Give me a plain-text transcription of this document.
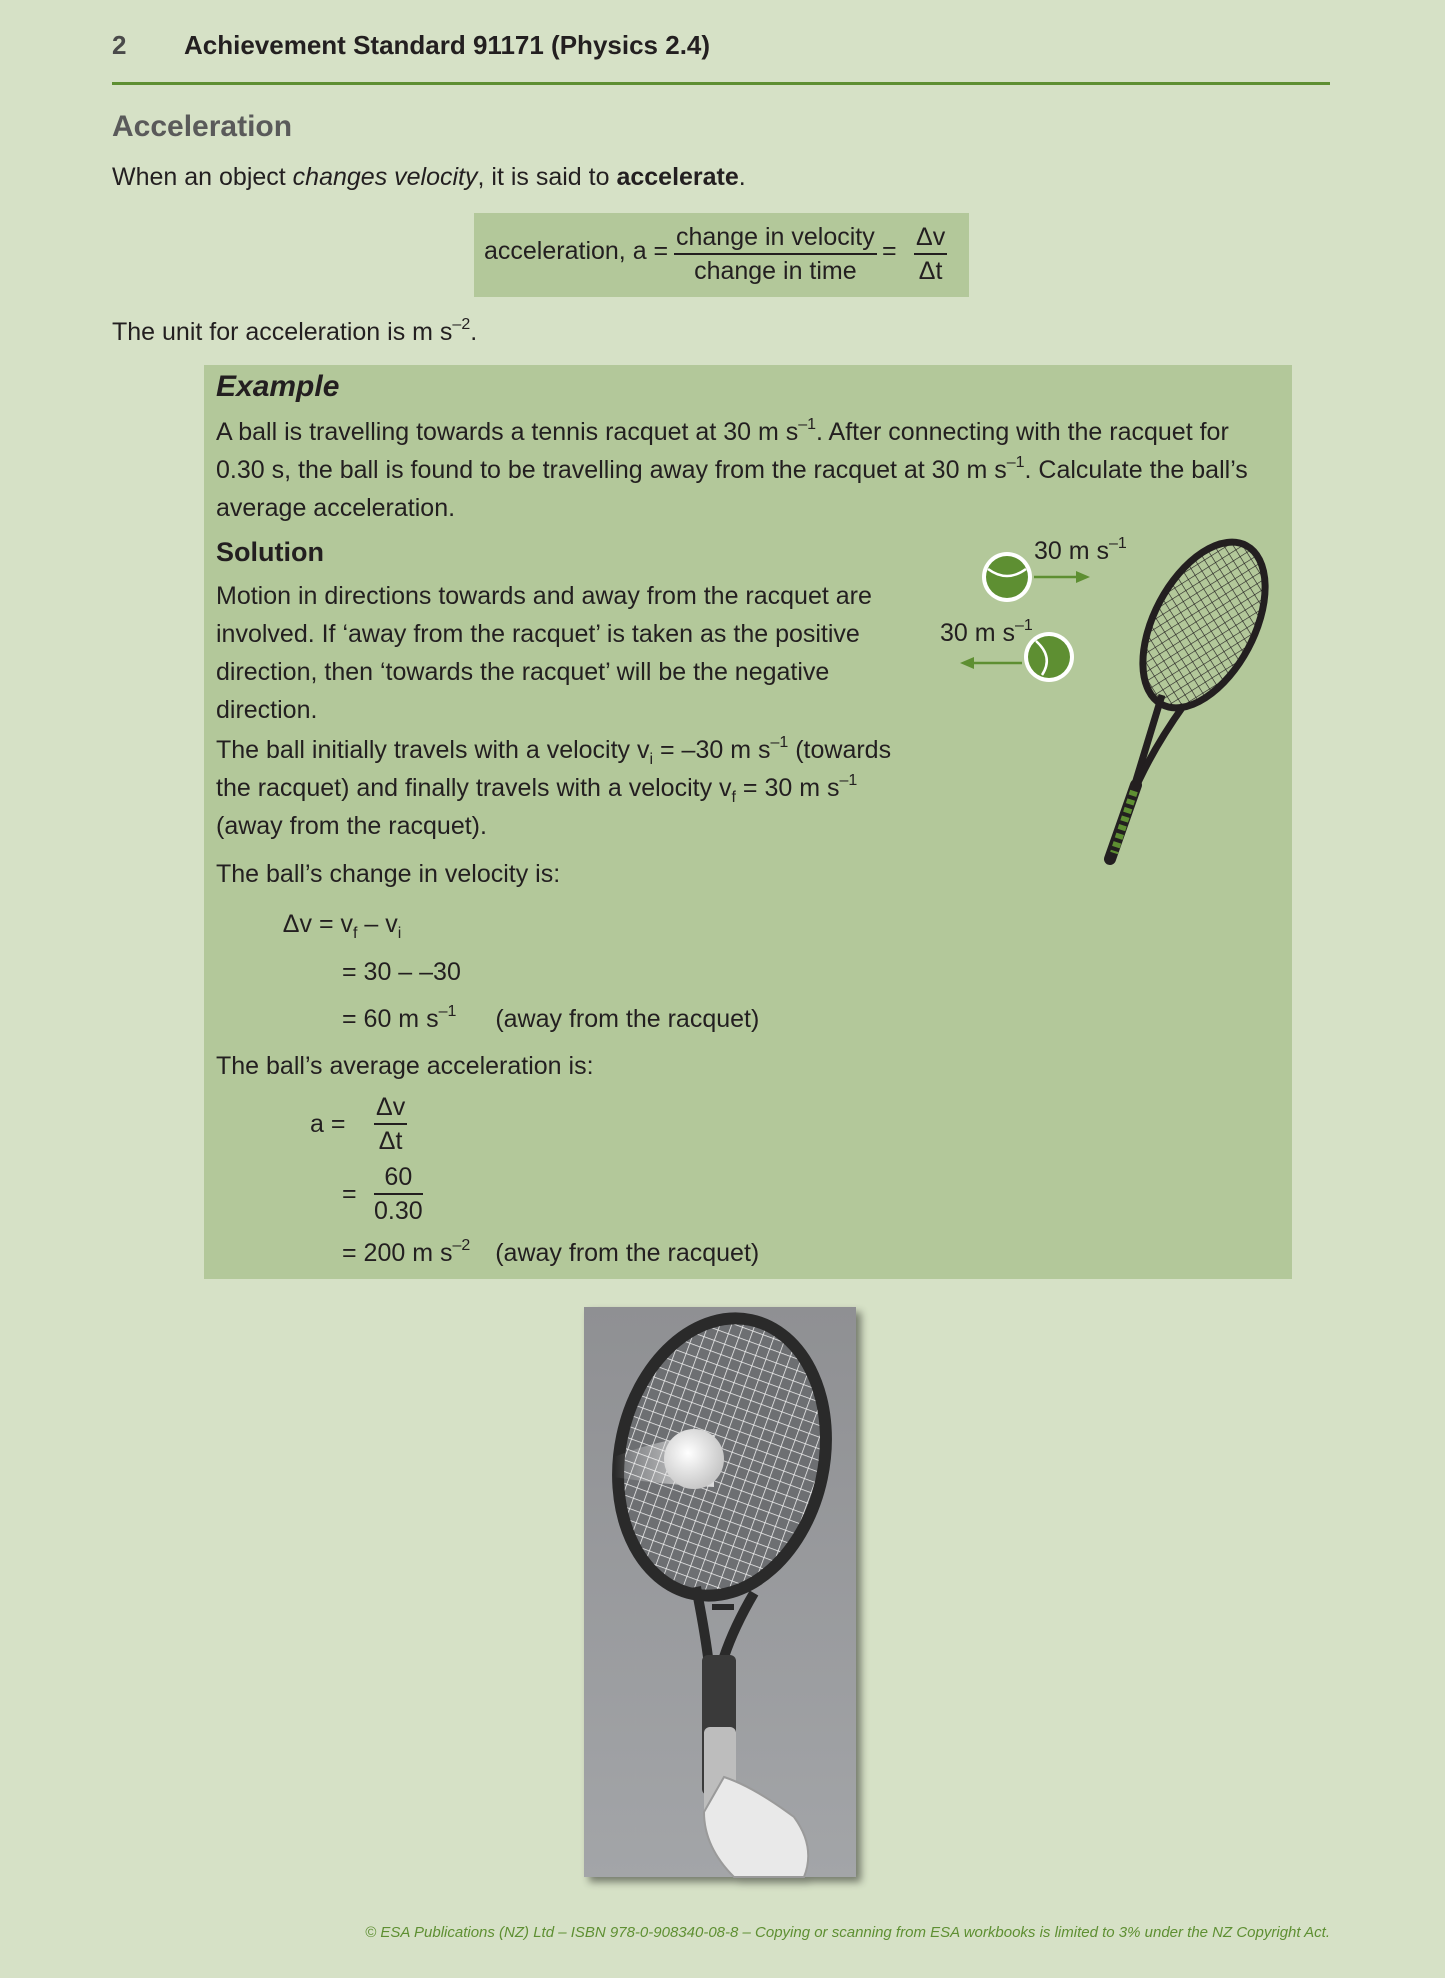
2 Achievement Standard 91171 (Physics 2.4)
Acceleration
When an object changes velocity, it is said to accelerate.
acceleration, a = change in velocity
change in time
= $\frac{\Delta v}{\Delta t}$
The unit for acceleration is m $s^{-2}$.
Example
A ball is travelling towards a tennis racquet at 30 m $s^{-1}$. After connecting with the racquet for
0.30 s, the ball is found to be travelling away from the racquet at 30 m $s^{-1}$. Calculate the ball’s
average acceleration.
Solution
Motion in directions towards and away from the racquet are involved. If ‘away from the racquet’ is taken as the positive direction, then ‘towards the racquet’ will be the negative direction.
The ball initially travels with a velocity $v_i = -30$ m $s^{-1}$ (towards the racquet) and finally travels with a velocity $v_f = 30$ m $s^{-1}$ (away from the racquet).
The ball’s change in velocity is:
$\Delta v = v_f - v_i$
= 30 – –30
= 60 m $s^{-1}$ (away from the racquet)
The ball’s average acceleration is:
$a = \frac{\Delta v}{\Delta t}$
= $\frac{60}{0.30}$
= 200 m $s^{-2}$ (away from the racquet)
30 m $s^{-1}$
30 m $s^{-1}$
© ESA Publications (NZ) Ltd – ISBN 978-0-908340-08-8 – Copying or scanning from ESA workbooks is limited to 3% under the NZ Copyright Act.
